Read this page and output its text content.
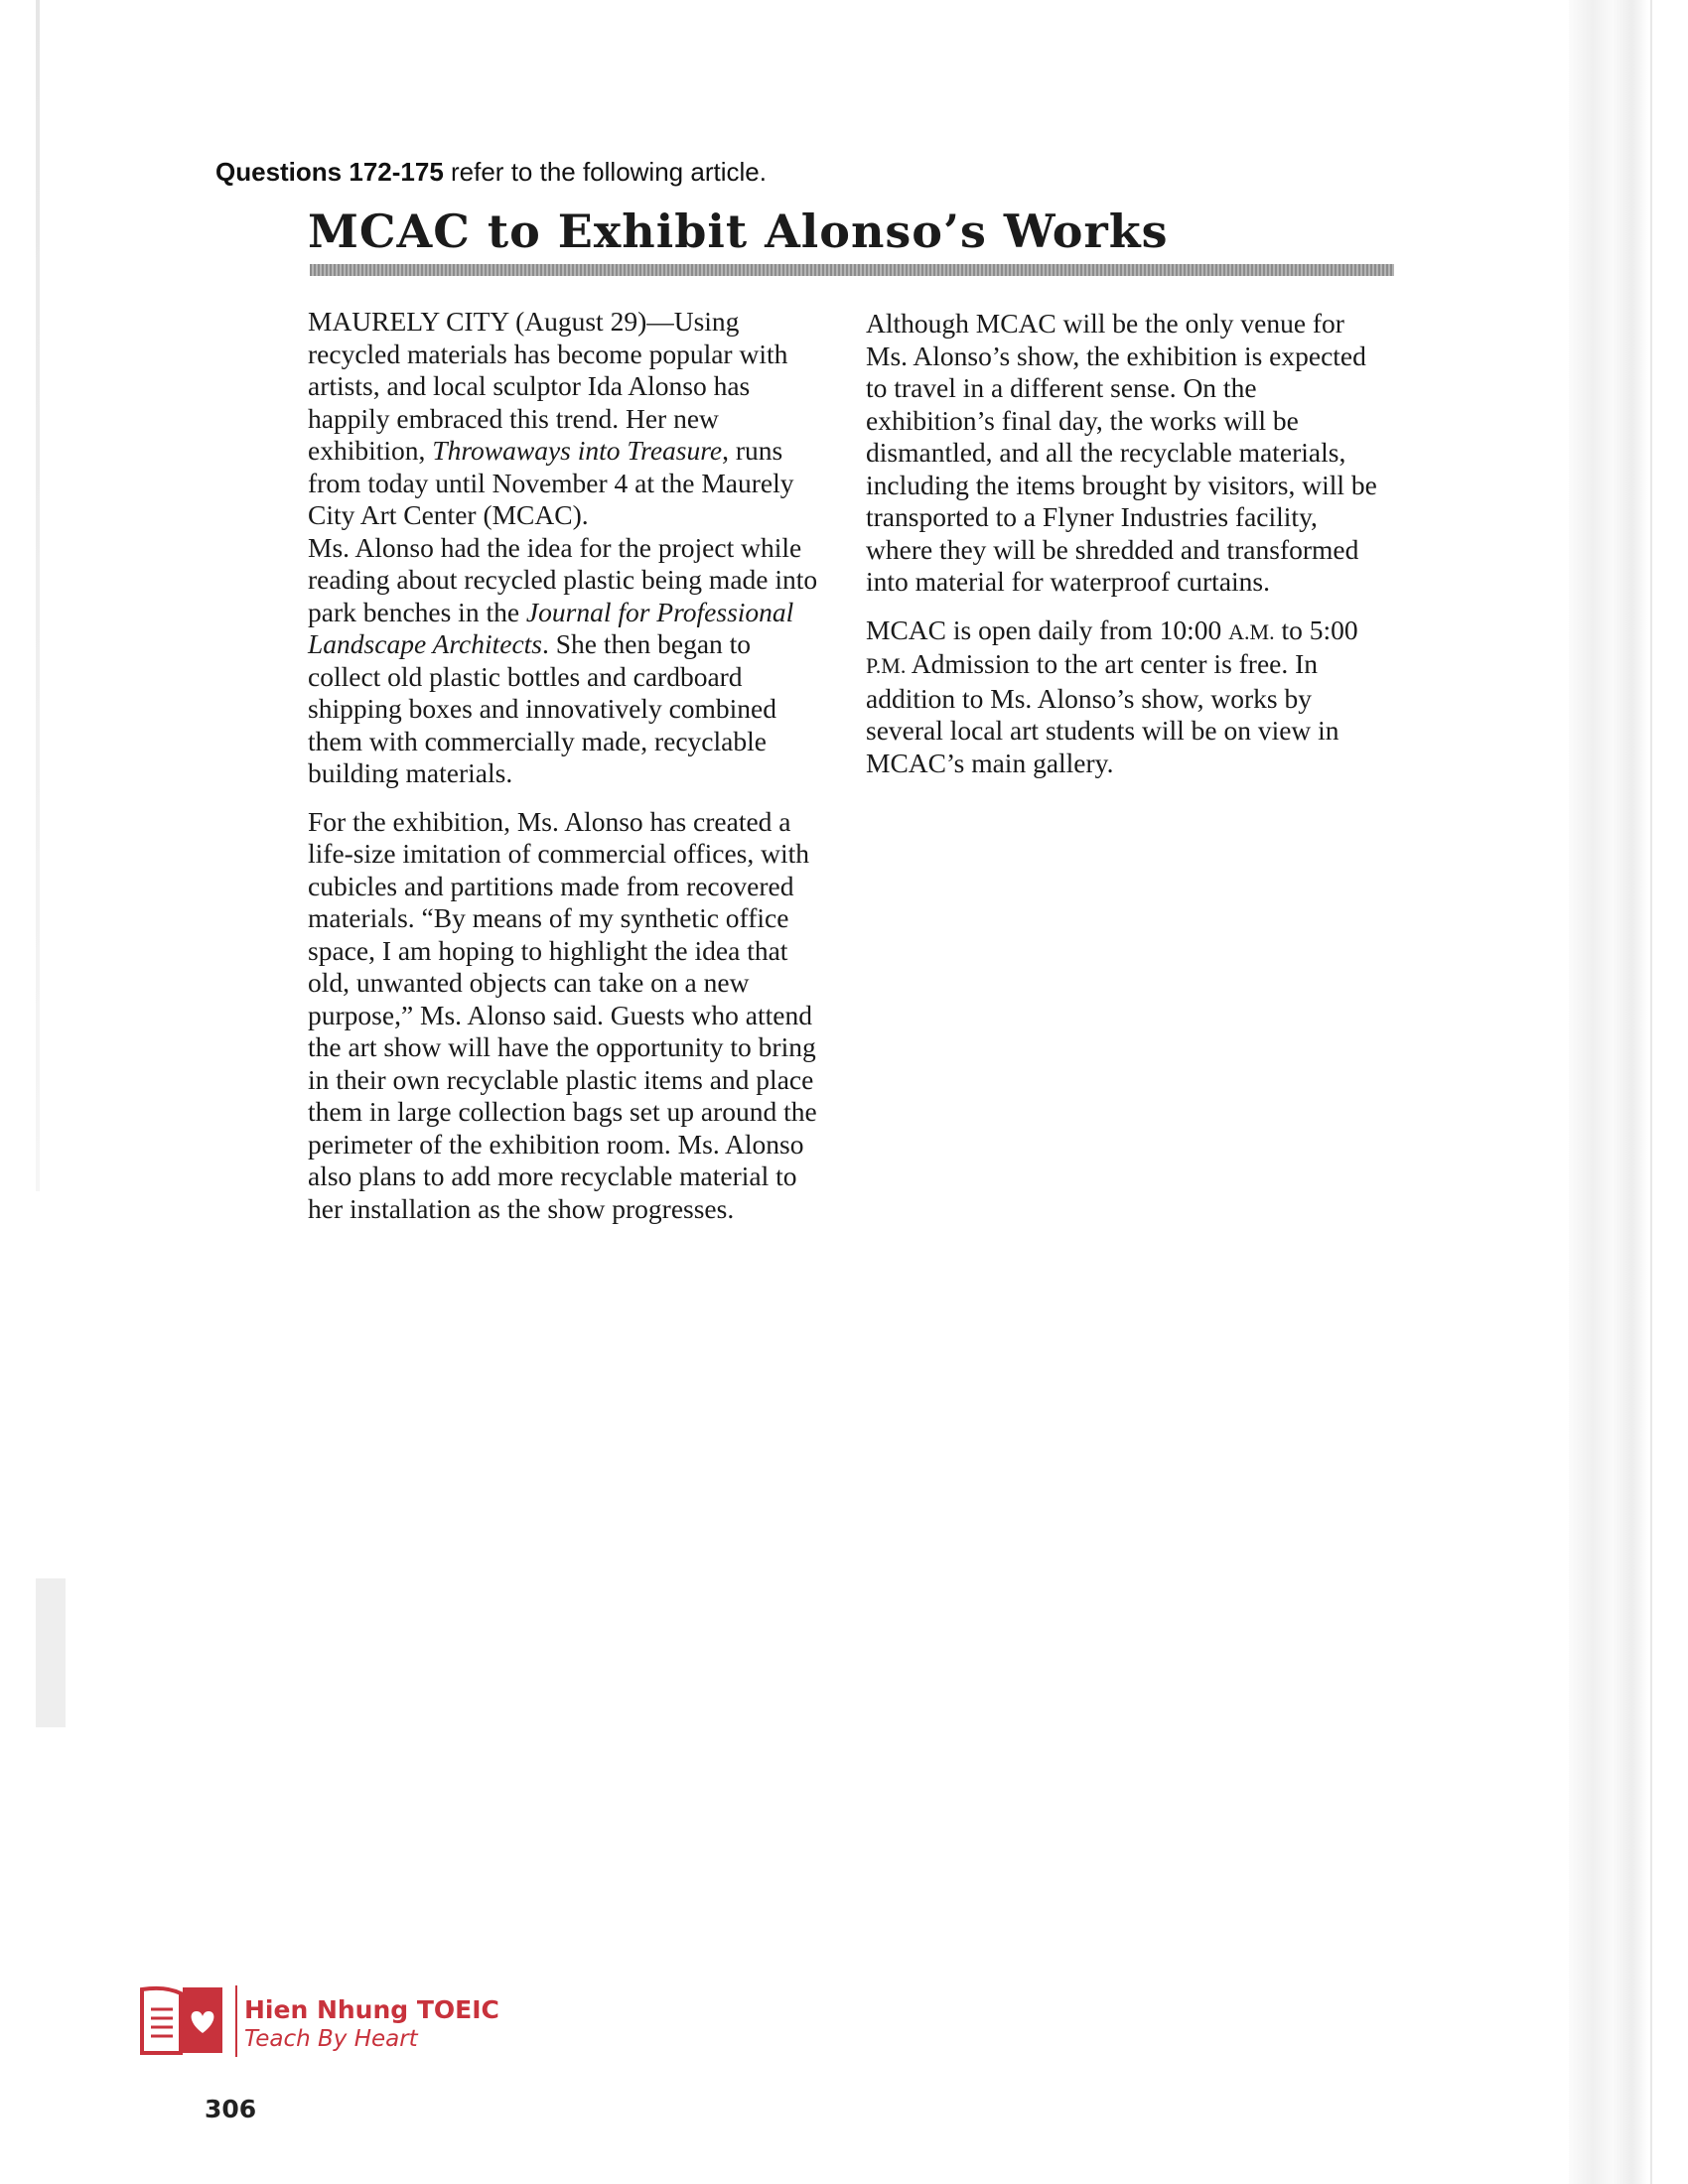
Questions 172-175 refer to the following article.
MCAC to Exhibit Alonso’s Works

MAURELY CITY (August 29)—Using recycled materials has become popular with artists, and local sculptor Ida Alonso has happily embraced this trend. Her new exhibition, Throwaways into Treasure, runs from today until November 4 at the Maurely City Art Center (MCAC).

Ms. Alonso had the idea for the project while reading about recycled plastic being made into park benches in the Journal for Professional Landscape Architects. She then began to collect old plastic bottles and cardboard shipping boxes and innovatively combined them with commercially made, recyclable building materials.

For the exhibition, Ms. Alonso has created a life-size imitation of commercial offices, with cubicles and partitions made from recovered materials. “By means of my synthetic office space, I am hoping to highlight the idea that old, unwanted objects can take on a new purpose,” Ms. Alonso said. Guests who attend the art show will have the opportunity to bring in their own recyclable plastic items and place them in large collection bags set up around the perimeter of the exhibition room. Ms. Alonso also plans to add more recyclable material to her installation as the show progresses.

Although MCAC will be the only venue for Ms. Alonso’s show, the exhibition is expected to travel in a different sense. On the exhibition’s final day, the works will be dismantled, and all the recyclable materials, including the items brought by visitors, will be transported to a Flyner Industries facility, where they will be shredded and transformed into material for waterproof curtains.

MCAC is open daily from 10:00 A.M. to 5:00 P.M. Admission to the art center is free. In addition to Ms. Alonso’s show, works by several local art students will be on view in MCAC’s main gallery.

Hien Nhung TOEIC
Teach By Heart
306
